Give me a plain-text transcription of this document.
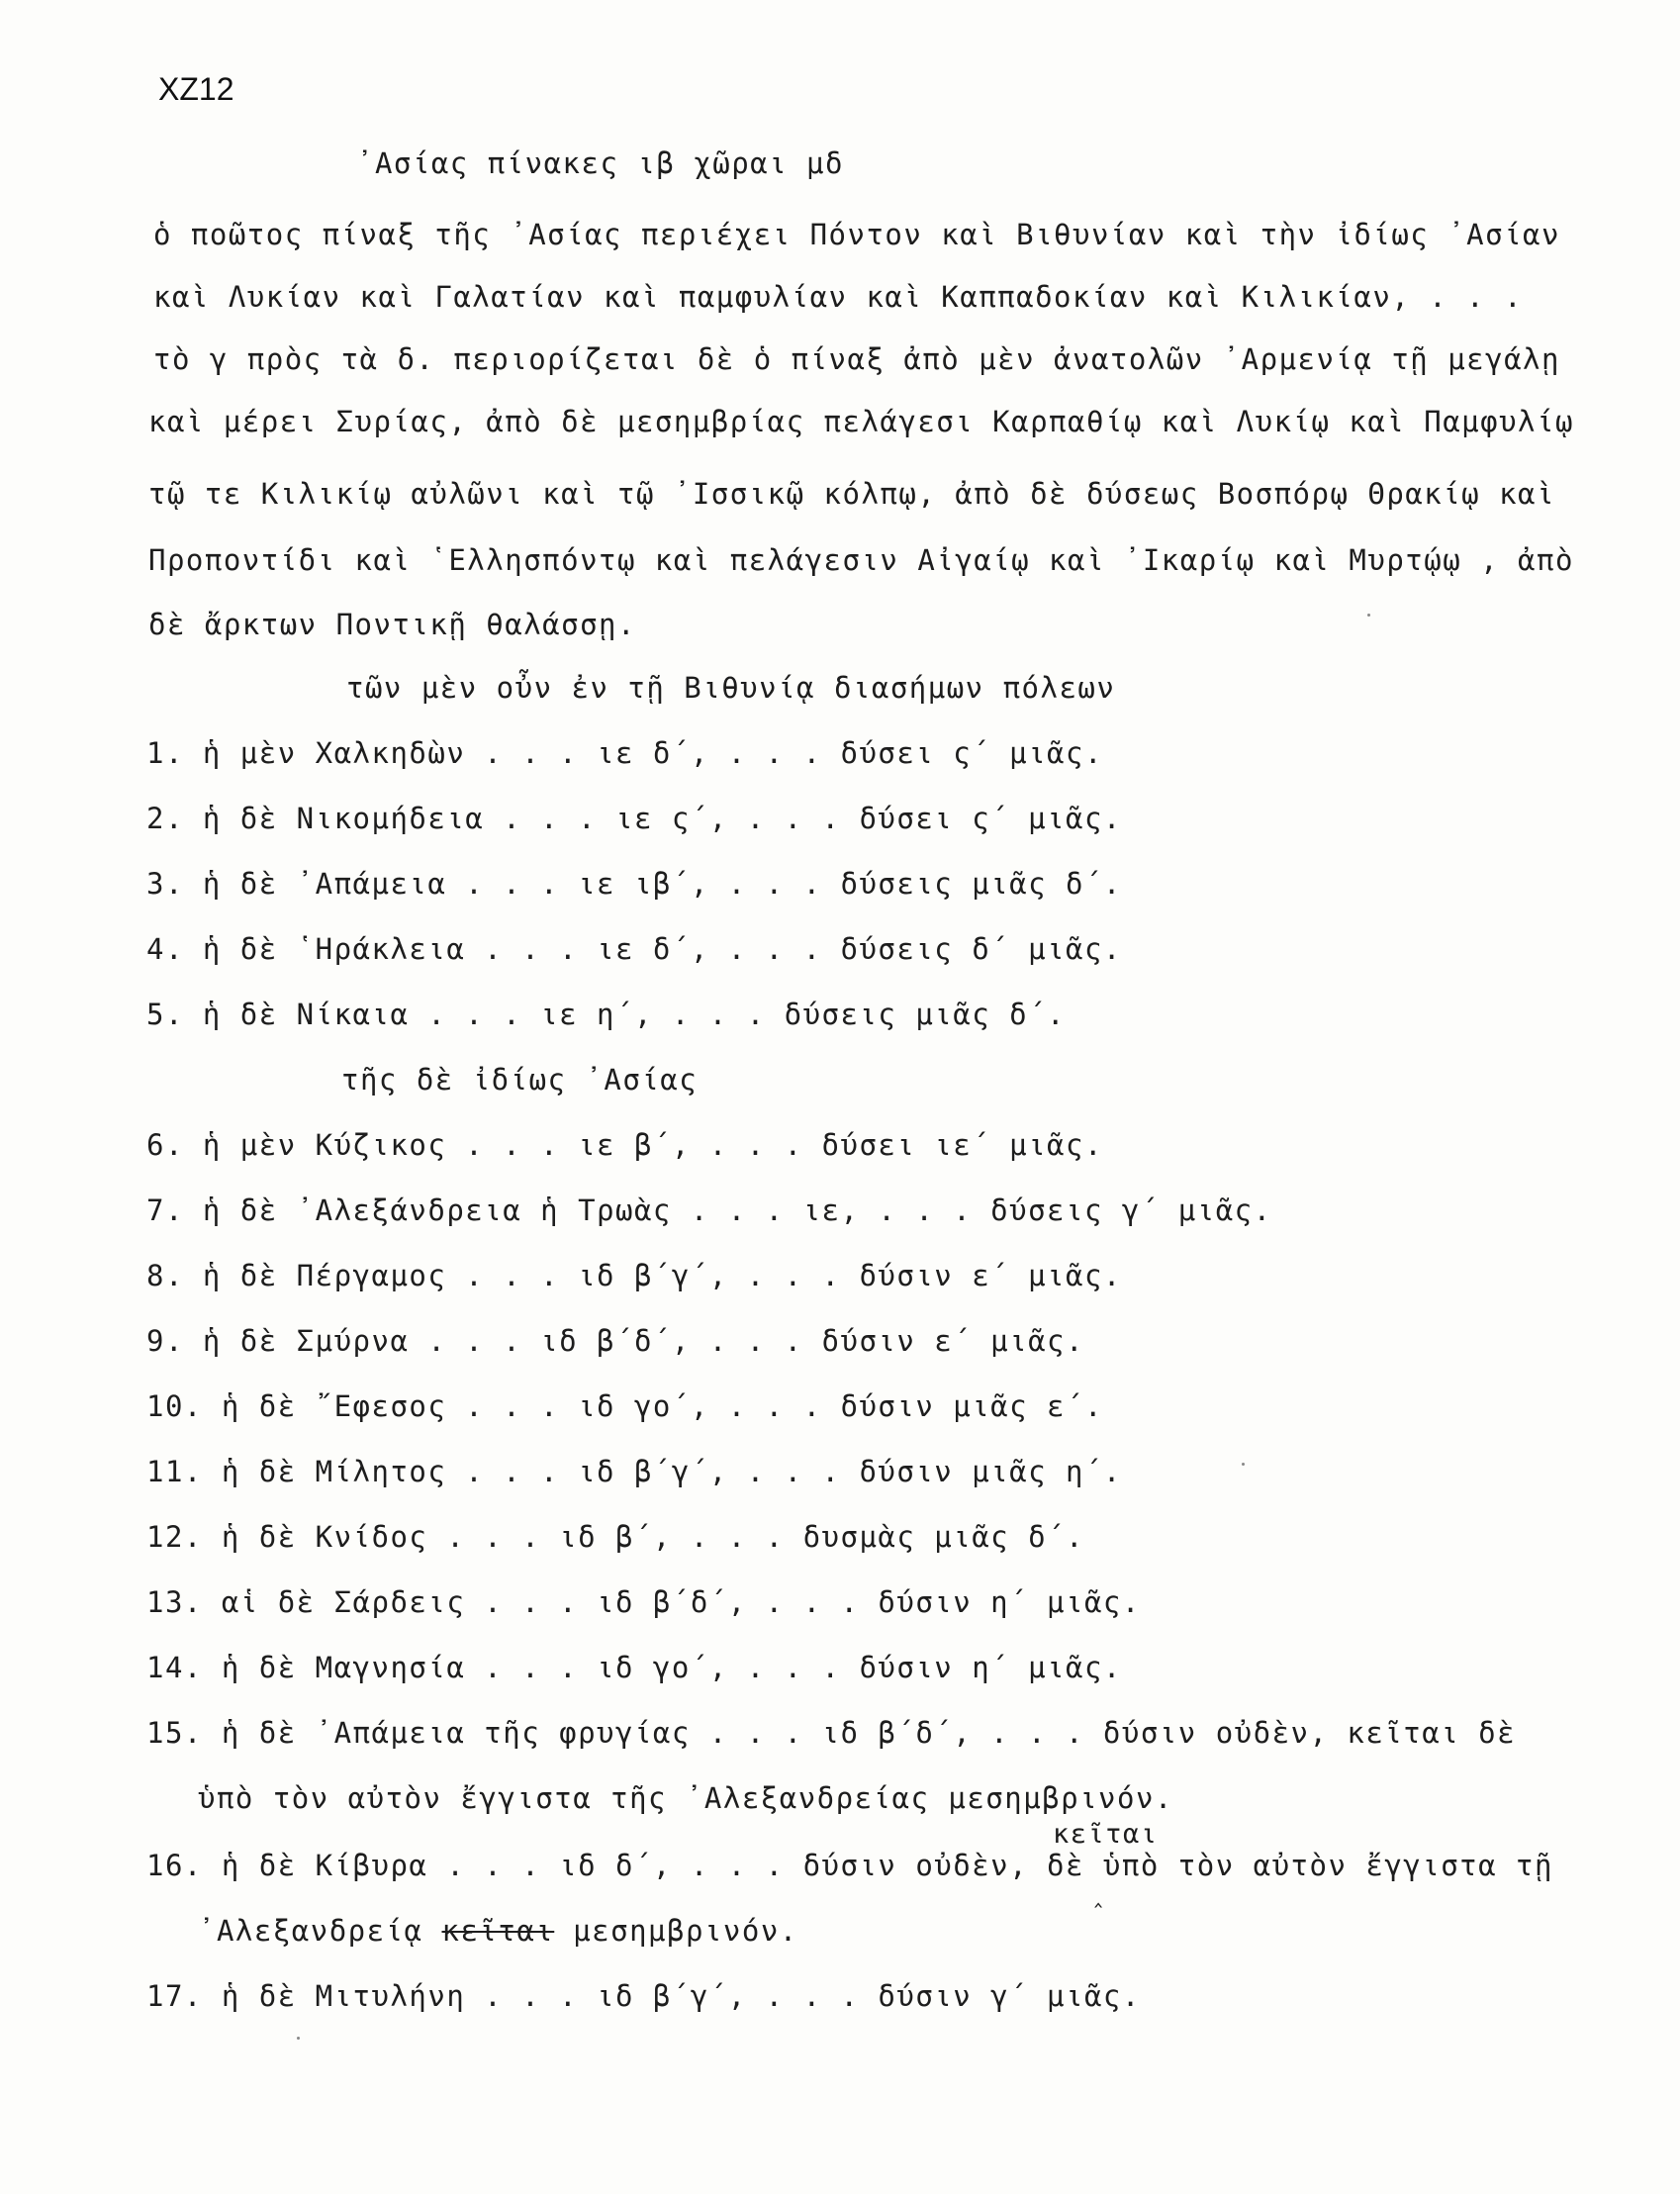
XZ12
᾿Ασίας πίνακες ιβ χῶραι μδ
ὁ ποῶτος πίναξ τῆς ᾿Ασίας περιέχει Πόντον καὶ Βιθυνίαν καὶ τὴν ἰδίως ᾿Ασίαν
καὶ Λυκίαν καὶ Γαλατίαν καὶ παμφυλίαν καὶ Καππαδοκίαν καὶ Κιλικίαν, . . .
τὸ γ πρὸς τὰ δ. περιορίζεται δὲ ὁ πίναξ ἀπὸ μὲν ἀνατολῶν ᾿Αρμενίᾳ τῇ μεγάλῃ
καὶ μέρει Συρίας, ἀπὸ δὲ μεσημβρίας πελάγεσι Καρπαθίῳ καὶ Λυκίῳ καὶ Παμφυλίῳ
τῷ τε Κιλικίῳ αὐλῶνι καὶ τῷ ᾿Ισσικῷ κόλπῳ, ἀπὸ δὲ δύσεως Βοσπόρῳ Θρακίῳ καὶ
Προποντίδι καὶ ῾Ελλησπόντῳ καὶ πελάγεσιν Αἰγαίῳ καὶ ᾿Ικαρίῳ καὶ Μυρτῴῳ , ἀπὸ
δὲ ἄρκτων Ποντικῇ θαλάσσῃ.
τῶν μὲν οὖν ἐν τῇ Βιθυνίᾳ διασήμων πόλεων
1. ἡ μὲν Χαλκηδὼν . . . ιε δ΄, . . . δύσει ς΄ μιᾶς.
2. ἡ δὲ Νικομήδεια . . . ιε ς΄, . . . δύσει ς΄ μιᾶς.
3. ἡ δὲ ᾿Απάμεια . . . ιε ιβ΄, . . . δύσεις μιᾶς δ΄.
4. ἡ δὲ ῾Ηράκλεια . . . ιε δ΄, . . . δύσεις δ΄ μιᾶς.
5. ἡ δὲ Νίκαια . . . ιε η΄, . . . δύσεις μιᾶς δ΄.
τῆς δὲ ἰδίως ᾿Ασίας
6. ἡ μὲν Κύζικος . . . ιε β΄, . . . δύσει ιε΄ μιᾶς.
7. ἡ δὲ ᾿Αλεξάνδρεια ἡ Τρωὰς . . . ιε, . . . δύσεις γ΄ μιᾶς.
8. ἡ δὲ Πέργαμος . . . ιδ β΄γ΄, . . . δύσιν ε΄ μιᾶς.
9. ἡ δὲ Σμύρνα . . . ιδ β΄δ΄, . . . δύσιν ε΄ μιᾶς.
10. ἡ δὲ ῎Εφεσος . . . ιδ γο΄, . . . δύσιν μιᾶς ε΄.
11. ἡ δὲ Μίλητος . . . ιδ β΄γ΄, . . . δύσιν μιᾶς η΄.
12. ἡ δὲ Κνίδος . . . ιδ β΄, . . . δυσμὰς μιᾶς δ΄.
13. αἱ δὲ Σάρδεις . . . ιδ β΄δ΄, . . . δύσιν η΄ μιᾶς.
14. ἡ δὲ Μαγνησία . . . ιδ γο΄, . . . δύσιν η΄ μιᾶς.
15. ἡ δὲ ᾿Απάμεια τῆς φρυγίας . . . ιδ β΄δ΄, . . . δύσιν οὐδὲν, κεῖται δὲ
ὑπὸ τὸν αὐτὸν ἔγγιστα τῆς ᾿Αλεξανδρείας μεσημβρινόν.
κεῖται
‸
16. ἡ δὲ Κίβυρα . . . ιδ δ΄, . . . δύσιν οὐδὲν, δὲ ὑπὸ τὸν αὐτὸν ἔγγιστα τῇ
᾿Αλεξανδρείᾳ κεῖται μεσημβρινόν.
17. ἡ δὲ Μιτυλήνη . . . ιδ β΄γ΄, . . . δύσιν γ΄ μιᾶς.
